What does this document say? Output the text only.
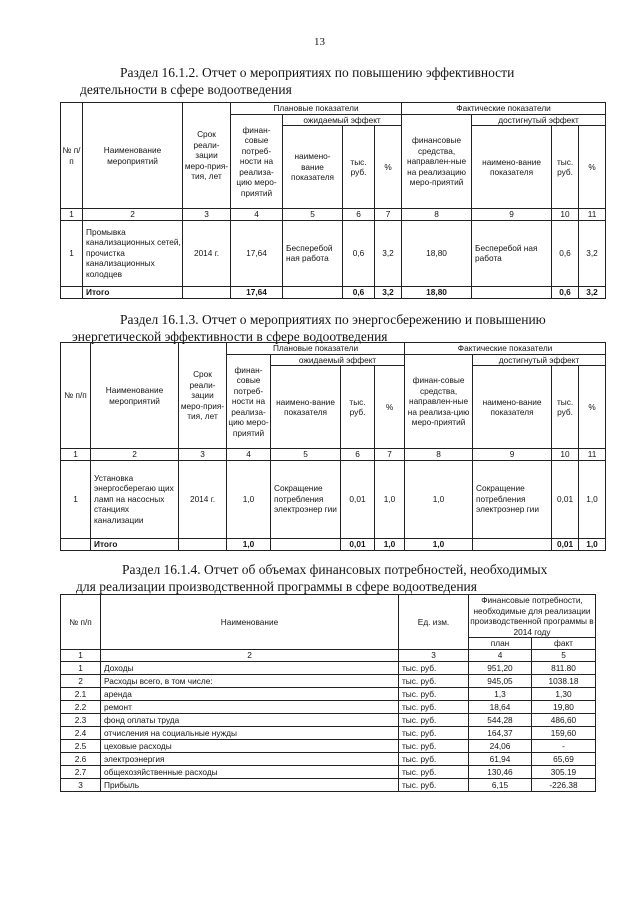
13
Раздел 16.1.2. Отчет о мероприятиях по повышению эффективности
деятельности в сфере водоотведения
№ п/ п	Наименование мероприятий	Срок реали-зации меро-прия-тия, лет	Плановые показатели				Фактические показатели			
			финан-совые потреб-ности на реализа-цию меро-приятий	ожидаемый эффект			финансовые средства, направлен-ные на реализацию меро-приятий	достигнутый эффект		
				наимено-вание показателя	тыс. руб.	%		наимено-вание показателя	тыс. руб.	%
1	2	3	4	5	6	7	8	9	10	11
1	Промывка канализационных сетей, прочистка канализационных колодцев	2014 г.	17,64	Бесперебой ная работа	0,6	3,2	18,80	Бесперебой ная работа	0,6	3,2
	Итого		17,64		0,6	3,2	18,80		0,6	3,2
Раздел 16.1.3. Отчет о мероприятиях по энергосбережению и повышению
энергетической эффективности в сфере водоотведения
№ п/п	Наименование мероприятий	Срок реали-зации меро-прия-тия, лет	Плановые показатели				Фактические показатели			
			финан-совые потреб-ности на реализа-цию меро-приятий	ожидаемый эффект			финан-совые средства, направлен-ные на реализа-цию меро-приятий	достигнутый эффект		
				наимено-вание показателя	тыс. руб.	%		наимено-вание показателя	тыс. руб.	%
1	2	3	4	5	6	7	8	9	10	11
1	Установка энергосберегаю щих ламп на насосных станциях канализации	2014 г.	1,0	Сокращение потребления электроэнер гии	0,01	1,0	1,0	Сокращение потребления электроэнер гии	0,01	1,0
	Итого		1,0		0,01	1,0	1,0		0,01	1,0
Раздел 16.1.4. Отчет об объемах финансовых потребностей, необходимых
для реализации производственной программы в сфере водоотведения
№ п/п	Наименование	Ед. изм.	Финансовые потребности, необходимые для реализации производственной программы в 2014 году	
			план	факт
1	2	3	4	5
1	Доходы	тыс. руб.	951,20	811.80
2	Расходы всего, в том числе:	тыс. руб.	945,05	1038.18
2.1	аренда	тыс. руб.	1,3	1,30
2.2	ремонт	тыс. руб.	18,64	19,80
2.3	фонд оплаты труда	тыс. руб.	544,28	486,60
2.4	отчисления на социальные нужды	тыс. руб.	164,37	159,60
2.5	цеховые расходы	тыс. руб.	24,06	-
2.6	электроэнергия	тыс. руб.	61,94	65,69
2.7	общехозяйственные расходы	тыс. руб.	130,46	305.19
3	Прибыль	тыс. руб.	6,15	-226.38
